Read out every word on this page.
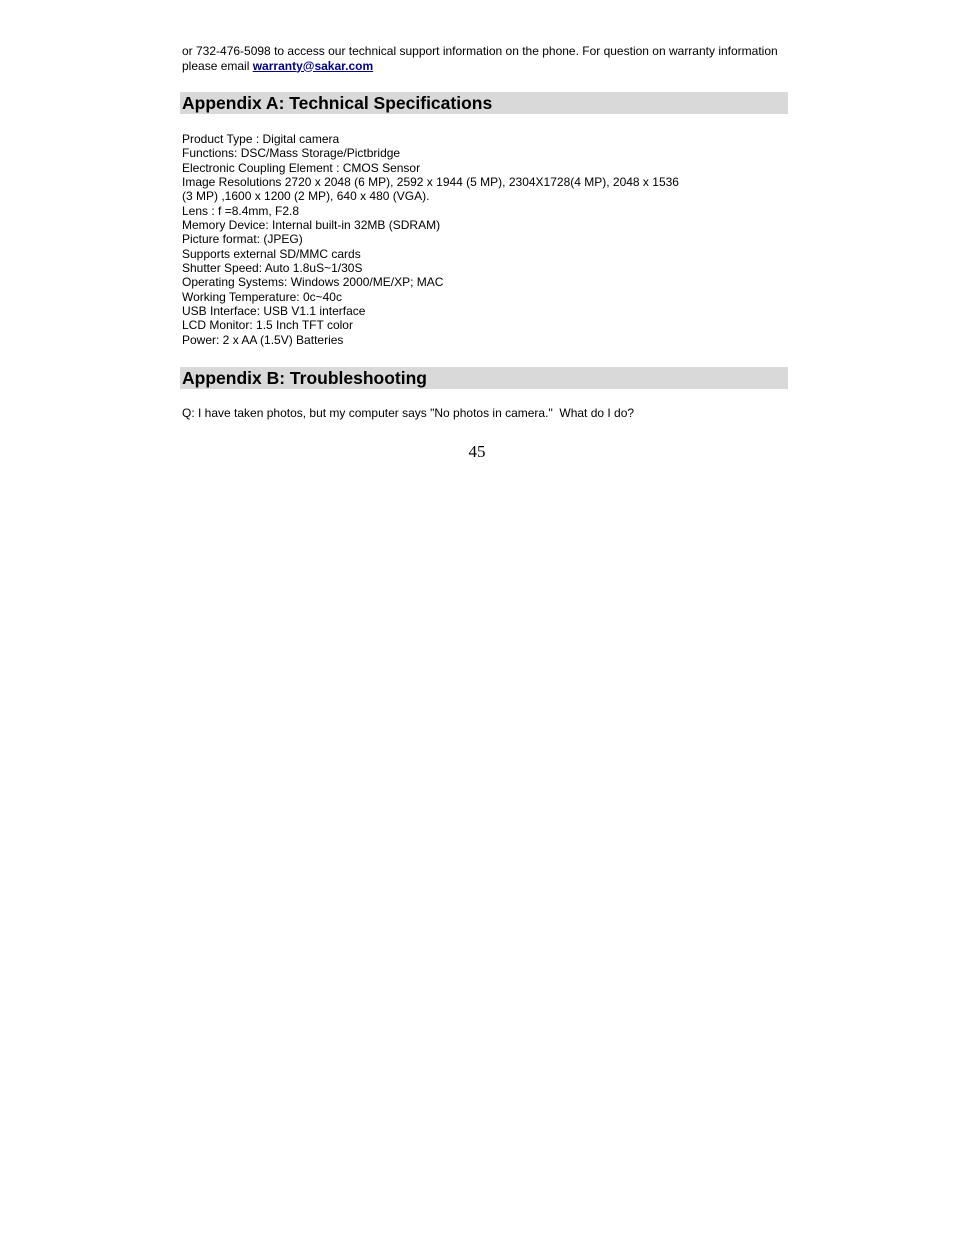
or 732-476-5098 to access our technical support information on the phone. For question on warranty information please email warranty@sakar.com

Appendix A: Technical Specifications
Product Type : Digital camera
Functions: DSC/Mass Storage/Pictbridge
Electronic Coupling Element : CMOS Sensor
Image Resolutions 2720 x 2048 (6 MP), 2592 x 1944 (5 MP), 2304X1728(4 MP), 2048 x 1536
(3 MP) ,1600 x 1200 (2 MP), 640 x 480 (VGA).
Lens : f =8.4mm, F2.8
Memory Device: Internal built-in 32MB (SDRAM)
Picture format: (JPEG)
Supports external SD/MMC cards
Shutter Speed: Auto 1.8uS~1/30S
Operating Systems: Windows 2000/ME/XP; MAC
Working Temperature: 0c~40c
USB Interface: USB V1.1 interface
LCD Monitor: 1.5 Inch TFT color
Power: 2 x AA (1.5V) Batteries
Appendix B: Troubleshooting
Q: I have taken photos, but my computer says "No photos in camera."  What do I do?
45
